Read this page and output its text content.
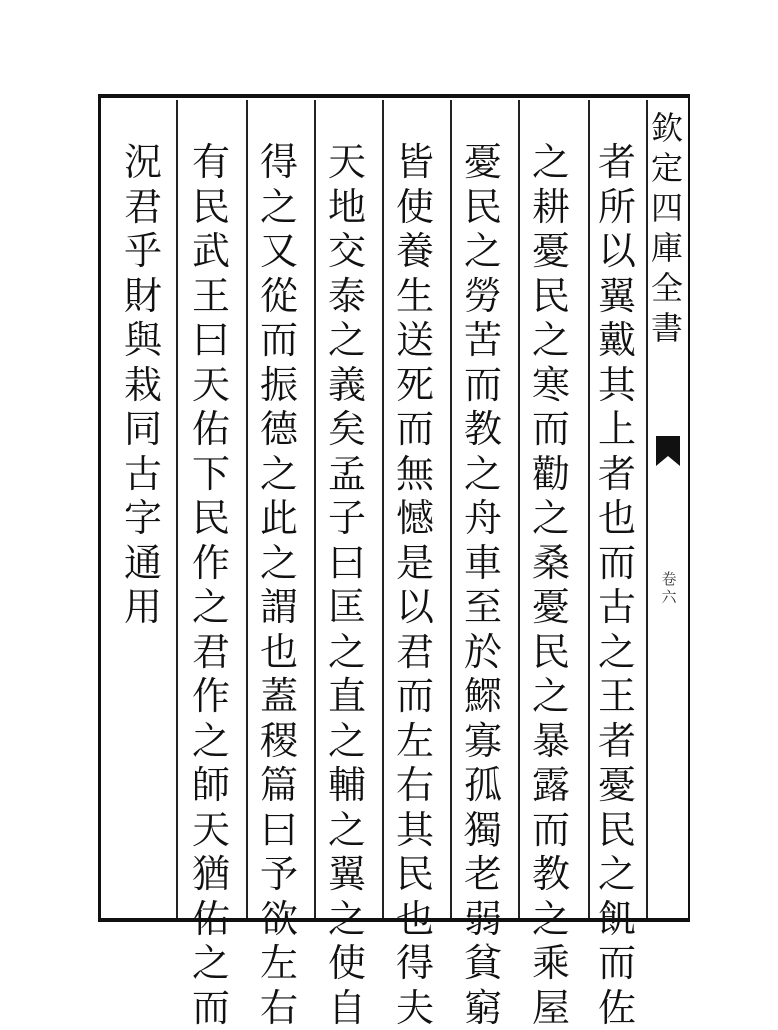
欽定四庫全書
卷六
者所以翼戴其上者也而古之王者憂民之飢而佐
之耕憂民之寒而勸之桑憂民之暴露而教之乘屋
憂民之勞苦而教之舟車至於鰥寡孤獨老弱貧窮
皆使養生送死而無憾是以君而左右其民也得夫
天地交泰之義矣孟子曰匡之直之輔之翼之使自
得之又從而振德之此之謂也蓋稷篇曰予欲左右
有民武王曰天佑下民作之君作之師天猶佑之而
況君乎財與栽同古字通用
